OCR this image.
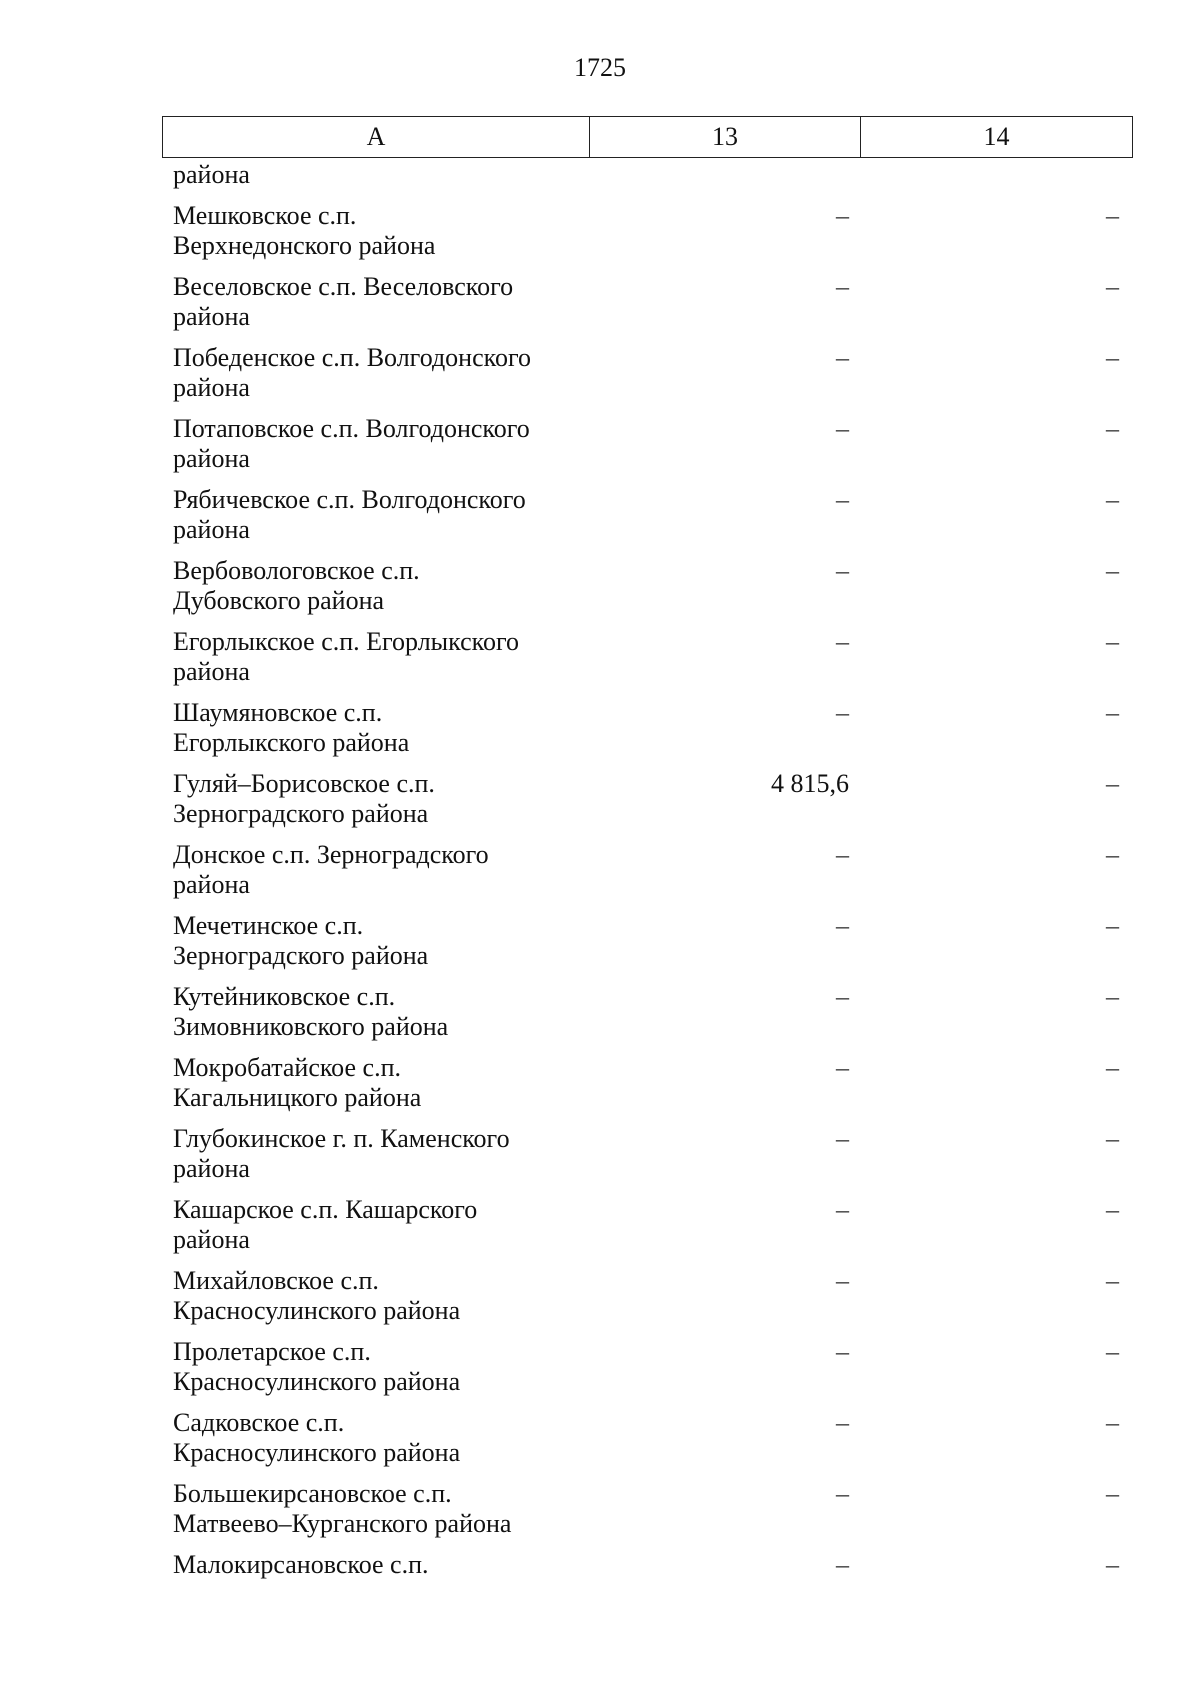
1725
А	13	14
района
Мешковское с.п.
Верхнедонского района
–	–
Веселовское с.п. Веселовского
района
–	–
Победенское с.п. Волгодонского
района
–	–
Потаповское с.п. Волгодонского
района
–	–
Рябичевское с.п. Волгодонского
района
–	–
Вербовологовское с.п.
Дубовского района
–	–
Егорлыкское с.п. Егорлыкского
района
–	–
Шаумяновское с.п.
Егорлыкского района
–	–
Гуляй–Борисовское с.п.
Зерноградского района
4 815,6	–
Донское с.п. Зерноградского
района
–	–
Мечетинское с.п.
Зерноградского района
–	–
Кутейниковское с.п.
Зимовниковского района
–	–
Мокробатайское с.п.
Кагальницкого района
–	–
Глубокинское г. п. Каменского
района
–	–
Кашарское с.п. Кашарского
района
–	–
Михайловское с.п.
Красносулинского района
–	–
Пролетарское с.п.
Красносулинского района
–	–
Садковское с.п.
Красносулинского района
–	–
Большекирсановское с.п.
Матвеево–Курганского района
–	–
Малокирсановское с.п.	–	–
